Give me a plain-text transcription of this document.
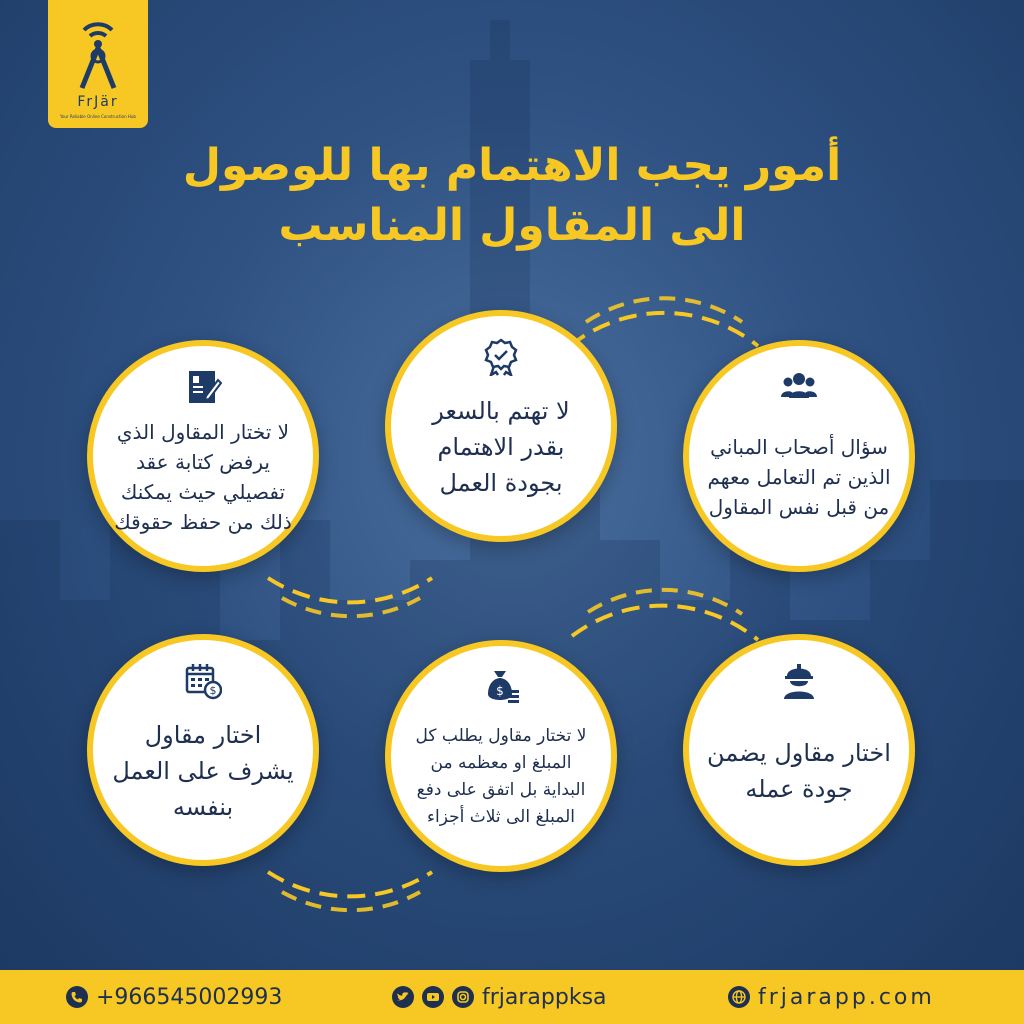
FrJär
Your Reliable Online Construction Hub
أمور يجب الاهتمام بها للوصول
الى المقاول المناسب
سؤال أصحاب المباني الذين تم التعامل معهم من قبل نفس المقاول
لا تهتم بالسعر بقدر الاهتمام بجودة العمل
لا تختار المقاول الذي يرفض كتابة عقد تفصيلي حيث يمكنك ذلك من حفظ حقوقك
اختار مقاول يضمن جودة عمله
$
لا تختار مقاول يطلب كل المبلغ او معظمه من البداية بل اتفق على دفع المبلغ الى ثلاث أجزاء
$
اختار مقاول يشرف على العمل بنفسه
+966545002993	frjarappksa	frjarapp.com
